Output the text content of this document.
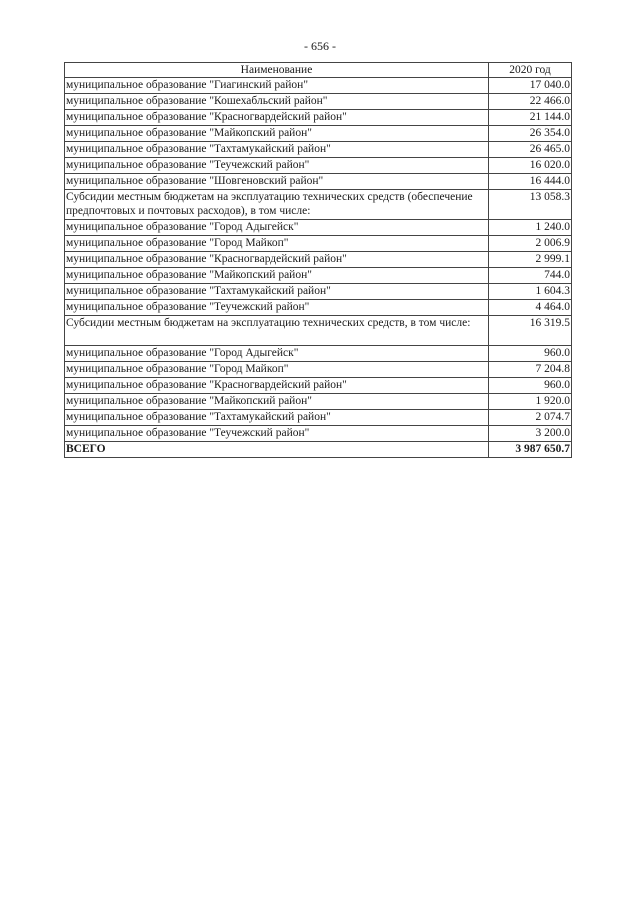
- 656 -
Наименование	2020 год
муниципальное образование "Гиагинский район"	17 040.0
муниципальное образование "Кошехабльский район"	22 466.0
муниципальное образование "Красногвардейский район"	21 144.0
муниципальное образование "Майкопский район"	26 354.0
муниципальное образование "Тахтамукайский район"	26 465.0
муниципальное образование "Теучежский район"	16 020.0
муниципальное образование "Шовгеновский район"	16 444.0
Субсидии местным бюджетам на эксплуатацию технических средств (обеспечение предпочтовых и почтовых расходов), в том числе:	13 058.3
муниципальное образование "Город Адыгейск"	1 240.0
муниципальное образование "Город Майкоп"	2 006.9
муниципальное образование "Красногвардейский район"	2 999.1
муниципальное образование "Майкопский район"	744.0
муниципальное образование "Тахтамукайский район"	1 604.3
муниципальное образование "Теучежский район"	4 464.0
Субсидии местным бюджетам на эксплуатацию технических средств, в том числе:	16 319.5
муниципальное образование "Город Адыгейск"	960.0
муниципальное образование "Город Майкоп"	7 204.8
муниципальное образование "Красногвардейский район"	960.0
муниципальное образование "Майкопский район"	1 920.0
муниципальное образование "Тахтамукайский район"	2 074.7
муниципальное образование "Теучежский район"	3 200.0
ВСЕГО	3 987 650.7
